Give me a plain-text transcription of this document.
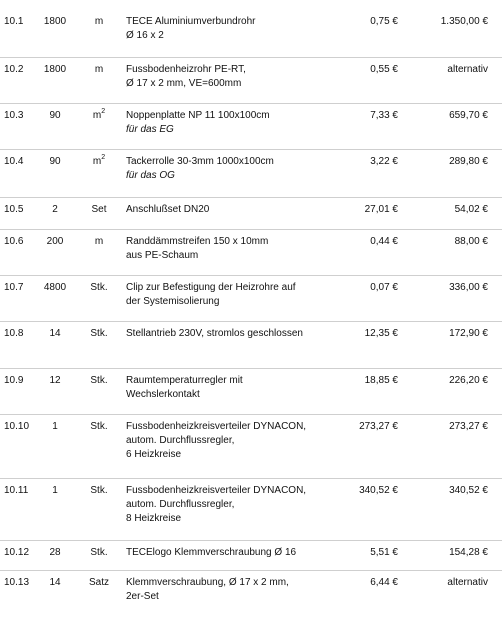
10.1	1800	m	TECE Aluminiumverbundrohr
Ø 16 x 2
0,75 €	1.350,00 €
10.2	1800	m	Fussbodenheizrohr PE-RT,
Ø 17 x 2 mm, VE=600mm
0,55 €	alternativ
10.3	90	$m^2$	Noppenplatte NP 11 100x100cm
für das EG
7,33 €	659,70 €
10.4	90	$m^2$	Tackerrolle 30-3mm 1000x100cm
für das OG
3,22 €	289,80 €
10.5	2	Set	Anschlußset DN20	27,01 €	54,02 €
10.6	200	m	Randdämmstreifen 150 x 10mm
aus PE-Schaum
0,44 €	88,00 €
10.7	4800	Stk.	Clip zur Befestigung der Heizrohre auf
der Systemisolierung
0,07 €	336,00 €
10.8	14	Stk.	Stellantrieb 230V, stromlos geschlossen	12,35 €	172,90 €
10.9	12	Stk.	Raumtemperaturregler mit
Wechslerkontakt
18,85 €	226,20 €
10.10	1	Stk.	Fussbodenheizkreisverteiler DYNACON,
autom. Durchflussregler,
6 Heizkreise
273,27 €	273,27 €
10.11	1	Stk.	Fussbodenheizkreisverteiler DYNACON,
autom. Durchflussregler,
8 Heizkreise
340,52 €	340,52 €
10.12	28	Stk.	TECElogo Klemmverschraubung Ø 16	5,51 €	154,28 €
10.13	14	Satz	Klemmverschraubung, Ø 17 x 2 mm,
2er-Set
6,44 €	alternativ
